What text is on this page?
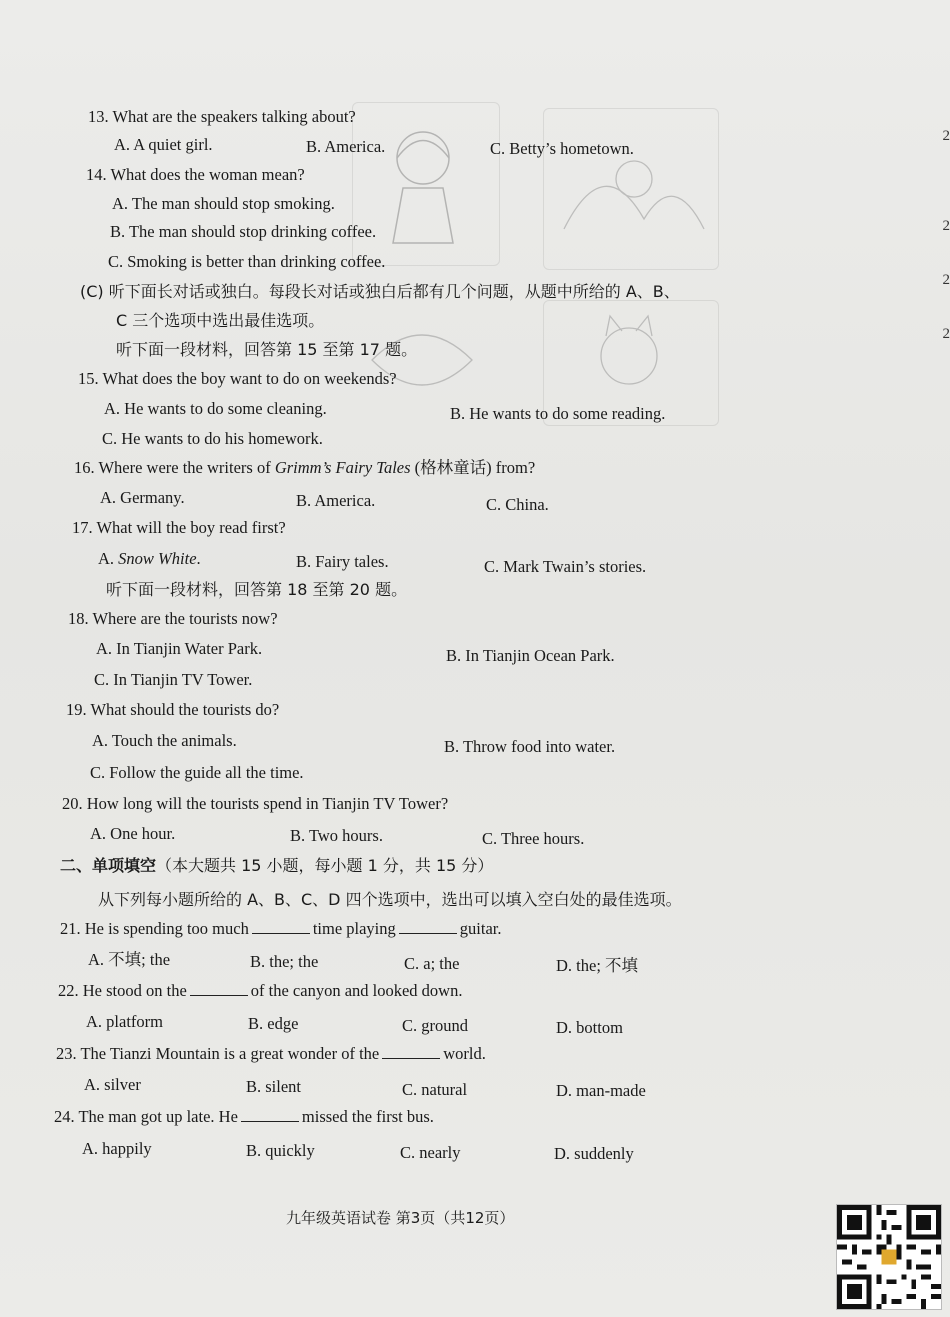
13. What are the speakers talking about?
A. A quiet girl.	B. America.	C. Betty’s hometown.
14. What does the woman mean?
A. The man should stop smoking.
B. The man should stop drinking coffee.
C. Smoking is better than drinking coffee.
(C) 听下面长对话或独白。每段长对话或独白后都有几个问题，从题中所给的 A、B、
C 三个选项中选出最佳选项。
听下面一段材料，回答第 15 至第 17 题。
15. What does the boy want to do on weekends?
A. He wants to do some cleaning.	B. He wants to do some reading.
C. He wants to do his homework.
16. Where were the writers of Grimm’s Fairy Tales (格林童话) from?
A. Germany.	B. America.	C. China.
17. What will the boy read first?
A. Snow White.	B. Fairy tales.	C. Mark Twain’s stories.
听下面一段材料，回答第 18 至第 20 题。
18. Where are the tourists now?
A. In Tianjin Water Park.	B. In Tianjin Ocean Park.
C. In Tianjin TV Tower.
19. What should the tourists do?
A. Touch the animals.	B. Throw food into water.
C. Follow the guide all the time.
20. How long will the tourists spend in Tianjin TV Tower?
A. One hour.	B. Two hours.	C. Three hours.
二、单项填空（本大题共 15 小题，每小题 1 分，共 15 分）
从下列每小题所给的 A、B、C、D 四个选项中，选出可以填入空白处的最佳选项。
21. He is spending too much	time playing	guitar.
A. 不填; the	B. the; the	C. a; the	D. the; 不填
22. He stood on the	of the canyon and looked down.
A. platform	B. edge	C. ground	D. bottom
23. The Tianzi Mountain is a great wonder of the	world.
A. silver	B. silent	C. natural	D. man-made
24. The man got up late. He	missed the first bus.
A. happily	B. quickly	C. nearly	D. suddenly
九年级英语试卷 第3页（共12页）
2
2
2
2
